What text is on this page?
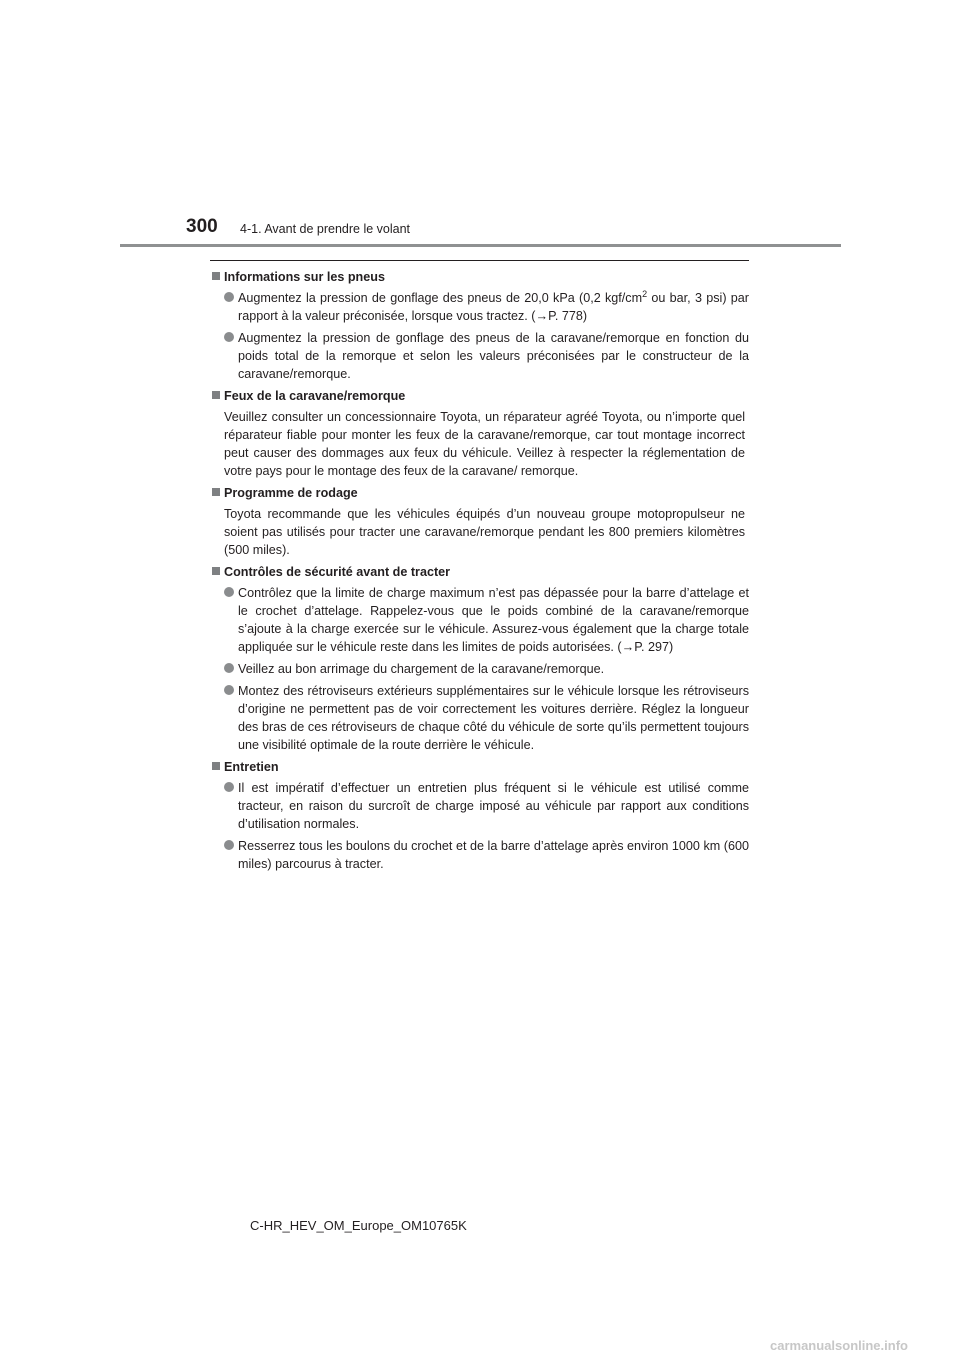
300 4-1. Avant de prendre le volant
Informations sur les pneus
Augmentez la pression de gonflage des pneus de 20,0 kPa (0,2 kgf/$cm^2$ ou bar, 3 psi) par rapport à la valeur préconisée, lorsque vous tractez. (→P. 778)
Augmentez la pression de gonflage des pneus de la caravane/remorque en fonction du poids total de la remorque et selon les valeurs préconisées par le constructeur de la caravane/remorque.
Feux de la caravane/remorque
Veuillez consulter un concessionnaire Toyota, un réparateur agréé Toyota, ou n’importe quel réparateur fiable pour monter les feux de la caravane/remorque, car tout montage incorrect peut causer des dommages aux feux du véhicule. Veillez à respecter la réglementation de votre pays pour le montage des feux de la caravane/ remorque.
Programme de rodage
Toyota recommande que les véhicules équipés d’un nouveau groupe motopropulseur ne soient pas utilisés pour tracter une caravane/remorque pendant les 800 premiers kilomètres (500 miles).
Contrôles de sécurité avant de tracter
Contrôlez que la limite de charge maximum n’est pas dépassée pour la barre d’attelage et le crochet d’attelage. Rappelez-vous que le poids combiné de la caravane/remorque s’ajoute à la charge exercée sur le véhicule. Assurez-vous également que la charge totale appliquée sur le véhicule reste dans les limites de poids autorisées. (→P. 297)
Veillez au bon arrimage du chargement de la caravane/remorque.
Montez des rétroviseurs extérieurs supplémentaires sur le véhicule lorsque les rétroviseurs d’origine ne permettent pas de voir correctement les voitures derrière. Réglez la longueur des bras de ces rétroviseurs de chaque côté du véhicule de sorte qu’ils permettent toujours une visibilité optimale de la route derrière le véhicule.
Entretien
Il est impératif d’effectuer un entretien plus fréquent si le véhicule est utilisé comme tracteur, en raison du surcroît de charge imposé au véhicule par rapport aux conditions d’utilisation normales.
Resserrez tous les boulons du crochet et de la barre d’attelage après environ 1000 km (600 miles) parcourus à tracter.
C-HR_HEV_OM_Europe_OM10765K
carmanualsonline.info
